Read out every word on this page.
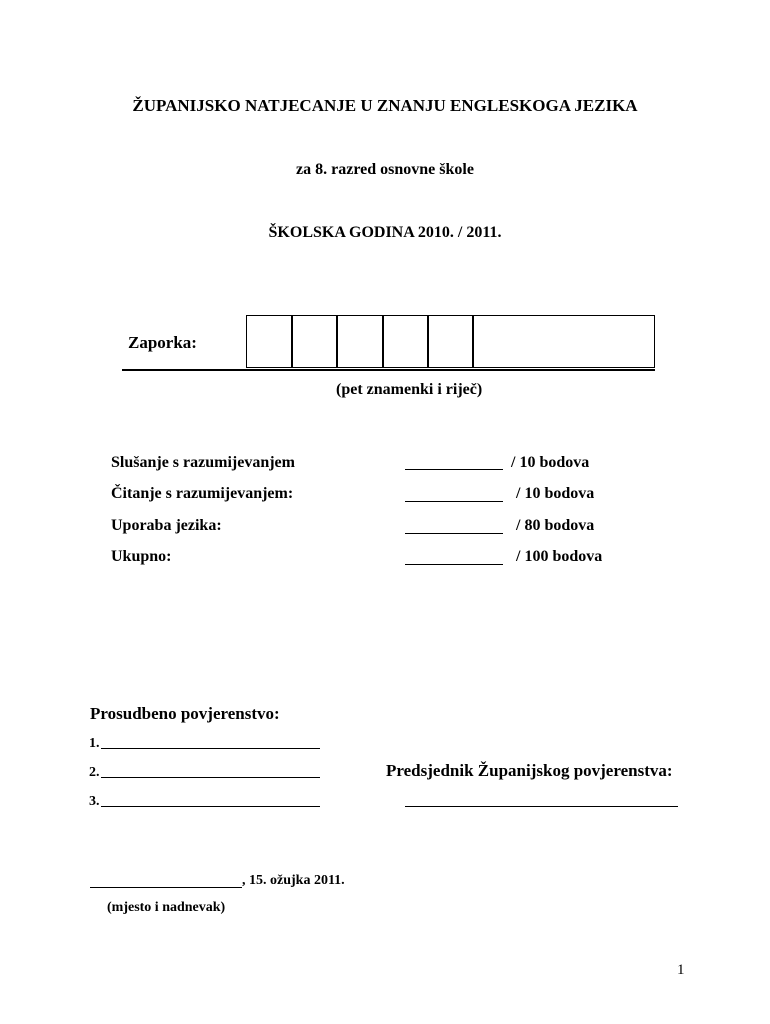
ŽUPANIJSKO NATJECANJE U ZNANJU ENGLESKOGA JEZIKA
za 8. razred osnovne škole
ŠKOLSKA GODINA 2010. / 2011.
Zaporka:
(pet znamenki i riječ)
Slušanje s razumijevanjem	/ 10 bodova
Čitanje s razumijevanjem:	/ 10 bodova
Uporaba jezika:	/ 80 bodova
Ukupno:	/ 100 bodova
Prosudbeno povjerenstvo:
1.
2.
3.
Predsjednik Županijskog povjerenstva:
, 15. ožujka 2011.
(mjesto i nadnevak)
1
